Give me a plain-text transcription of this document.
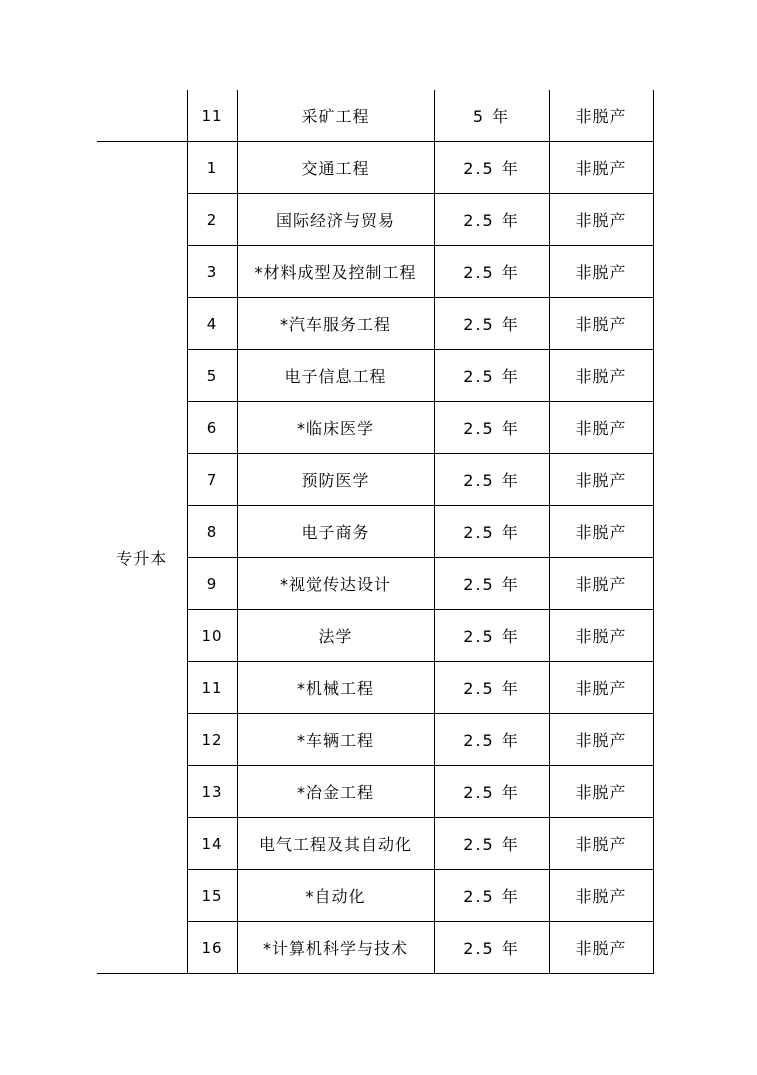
	11	采矿工程	5 年	非脱产
专升本	1	交通工程	2.5 年	非脱产
	2	国际经济与贸易	2.5 年	非脱产
	3	*材料成型及控制工程	2.5 年	非脱产
	4	*汽车服务工程	2.5 年	非脱产
	5	电子信息工程	2.5 年	非脱产
	6	*临床医学	2.5 年	非脱产
	7	预防医学	2.5 年	非脱产
	8	电子商务	2.5 年	非脱产
	9	*视觉传达设计	2.5 年	非脱产
	10	法学	2.5 年	非脱产
	11	*机械工程	2.5 年	非脱产
	12	*车辆工程	2.5 年	非脱产
	13	*冶金工程	2.5 年	非脱产
	14	电气工程及其自动化	2.5 年	非脱产
	15	*自动化	2.5 年	非脱产
	16	*计算机科学与技术	2.5 年	非脱产
